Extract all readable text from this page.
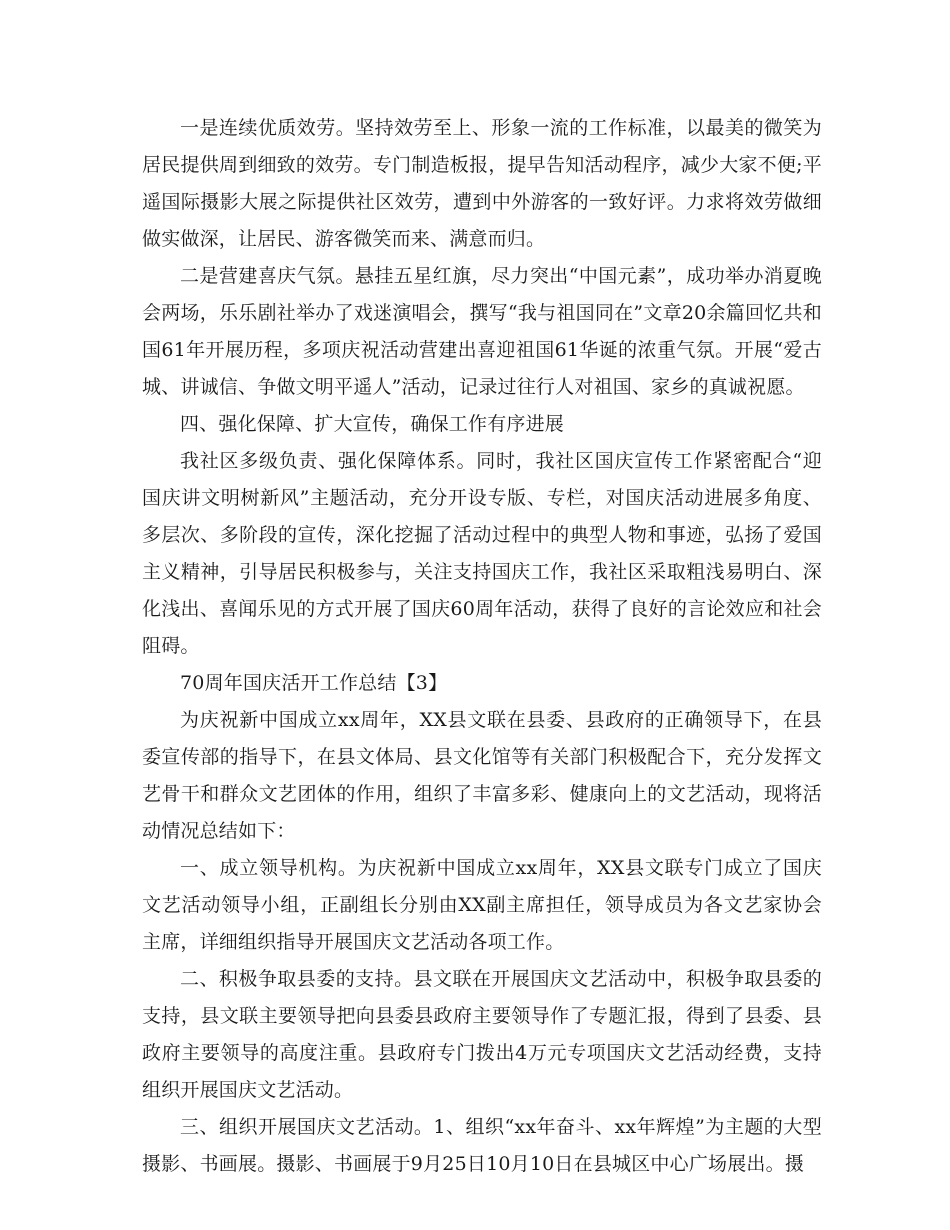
一是连续优质效劳。坚持效劳至上、形象一流的工作标准，以最美的微笑为居民提供周到细致的效劳。专门制造板报，提早告知活动程序，减少大家不便;平遥国际摄影大展之际提供社区效劳，遭到中外游客的一致好评。力求将效劳做细做实做深，让居民、游客微笑而来、满意而归。

二是营建喜庆气氛。悬挂五星红旗，尽力突出“中国元素”，成功举办消夏晚会两场，乐乐剧社举办了戏迷演唱会，撰写“我与祖国同在”文章20余篇回忆共和国61年开展历程，多项庆祝活动营建出喜迎祖国61华诞的浓重气氛。开展“爱古城、讲诚信、争做文明平遥人”活动，记录过往行人对祖国、家乡的真诚祝愿。

四、强化保障、扩大宣传，确保工作有序进展

我社区多级负责、强化保障体系。同时，我社区国庆宣传工作紧密配合“迎国庆讲文明树新风”主题活动，充分开设专版、专栏，对国庆活动进展多角度、多层次、多阶段的宣传，深化挖掘了活动过程中的典型人物和事迹，弘扬了爱国主义精神，引导居民积极参与，关注支持国庆工作，我社区采取粗浅易明白、深化浅出、喜闻乐见的方式开展了国庆60周年活动，获得了良好的言论效应和社会阻碍。

70周年国庆活开工作总结【3】

为庆祝新中国成立xx周年，XX县文联在县委、县政府的正确领导下，在县委宣传部的指导下，在县文体局、县文化馆等有关部门积极配合下，充分发挥文艺骨干和群众文艺团体的作用，组织了丰富多彩、健康向上的文艺活动，现将活动情况总结如下：

一、成立领导机构。为庆祝新中国成立xx周年，XX县文联专门成立了国庆文艺活动领导小组，正副组长分别由XX副主席担任，领导成员为各文艺家协会主席，详细组织指导开展国庆文艺活动各项工作。

二、积极争取县委的支持。县文联在开展国庆文艺活动中，积极争取县委的支持，县文联主要领导把向县委县政府主要领导作了专题汇报，得到了县委、县政府主要领导的高度注重。县政府专门拨出4万元专项国庆文艺活动经费，支持组织开展国庆文艺活动。

三、组织开展国庆文艺活动。1、组织“xx年奋斗、xx年辉煌”为主题的大型摄影、书画展。摄影、书画展于9月25日10月10日在县城区中心广场展出。摄
